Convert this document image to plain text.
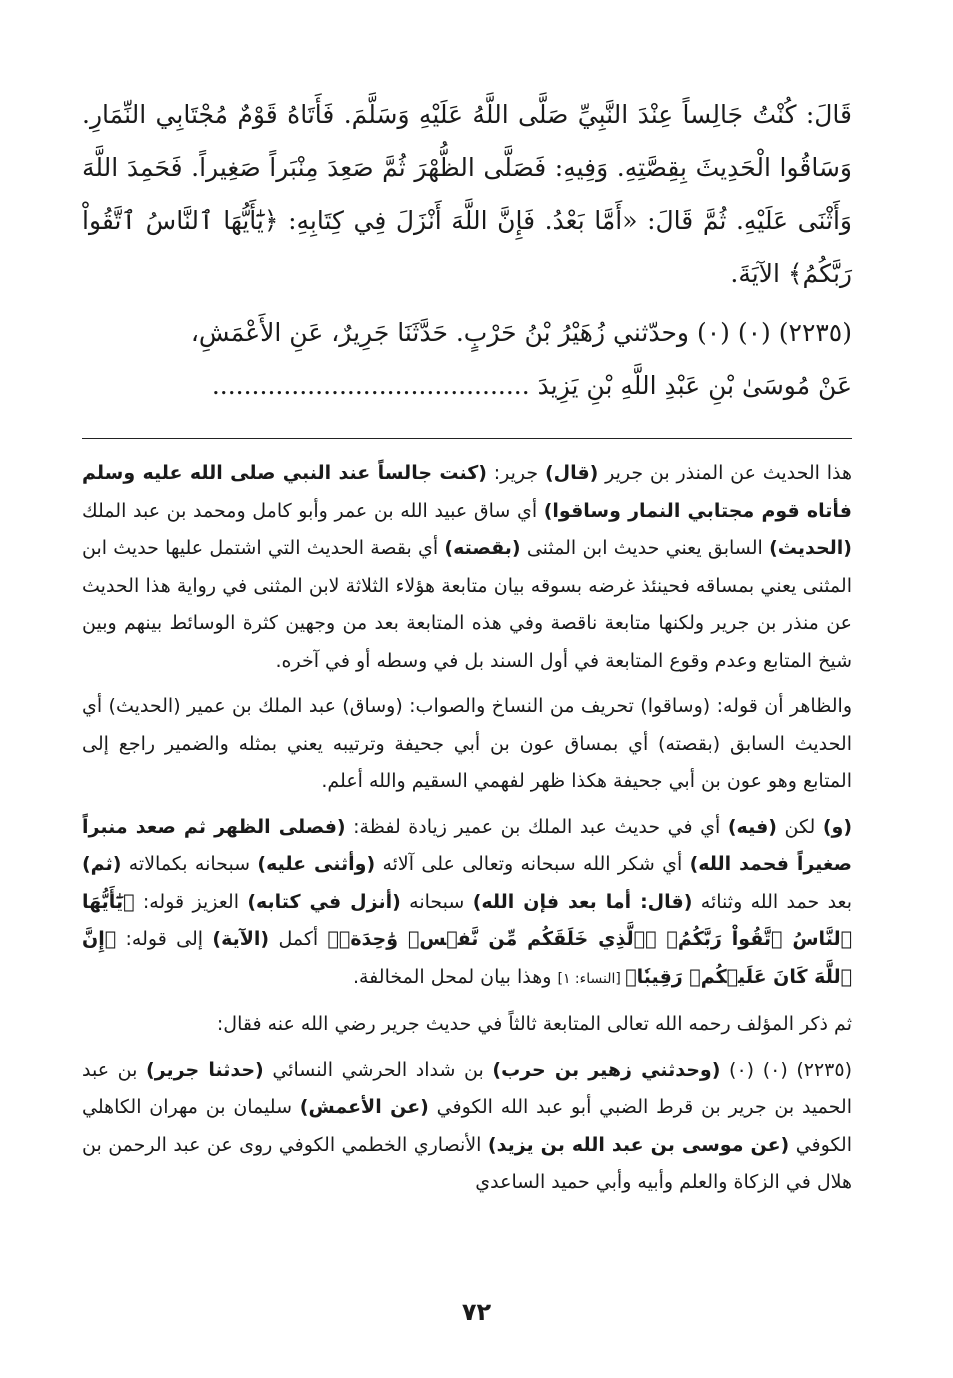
قَالَ: كُنْتُ جَالِساً عِنْدَ النَّبِيِّ صَلَّى اللَّهُ عَلَيْهِ وَسَلَّمَ. فَأَتَاهُ قَوْمٌ مُجْتَابِي النِّمَارِ. وَسَاقُوا الْحَدِيثَ بِقِصَّتِهِ. وَفِيهِ: فَصَلَّى الظُّهْرَ ثُمَّ صَعِدَ مِنْبَراً صَغِيراً. فَحَمِدَ اللَّهَ وَأَثْنَى عَلَيْهِ. ثُمَّ قَالَ: «أَمَّا بَعْدُ. فَإِنَّ اللَّهَ أَنْزَلَ فِي كِتَابِهِ: ﴿يَٰٓأَيُّهَا ٱلنَّاسُ ٱتَّقُواْ رَبَّكُمُ﴾ الآيَةَ.

(٢٢٣٥) (٠) (٠) وحدّثني زُهَيْرُ بْنُ حَرْبٍ. حَدَّثَنَا جَرِيرٌ، عَنِ الأَعْمَشِ،
عَنْ مُوسَىٰ بْنِ عَبْدِ اللَّهِ بْنِ يَزِيدَ ........................................

هذا الحديث عن المنذر بن جرير (قال) جرير: (كنت جالساً عند النبي صلى الله عليه وسلم فأتاه قوم مجتابي النمار وساقوا) أي ساق عبيد الله بن عمر وأبو كامل ومحمد بن عبد الملك (الحديث) السابق يعني حديث ابن المثنى (بقصته) أي بقصة الحديث التي اشتمل عليها حديث ابن المثنى يعني بمساقه فحينئذ غرضه بسوقه بيان متابعة هؤلاء الثلاثة لابن المثنى في رواية هذا الحديث عن منذر بن جرير ولكنها متابعة ناقصة وفي هذه المتابعة بعد من وجهين كثرة الوسائط بينهم وبين شيخ المتابع وعدم وقوع المتابعة في أول السند بل في وسطه أو في آخره.

والظاهر أن قوله: (وساقوا) تحريف من النساخ والصواب: (وساق) عبد الملك بن عمير (الحديث) أي الحديث السابق (بقصته) أي بمساق عون بن أبي جحيفة وترتيبه يعني بمثله والضمير راجع إلى المتابع وهو عون بن أبي جحيفة هكذا ظهر لفهمي السقيم والله أعلم.

(و) لكن (فيه) أي في حديث عبد الملك بن عمير زيادة لفظة: (فصلى الظهر ثم صعد منبراً صغيراً فحمد الله) أي شكر الله سبحانه وتعالى على آلائه (وأثنى عليه) سبحانه بكمالاته (ثم) بعد حمد الله وثنائه (قال: أما بعد فإن الله) سبحانه (أنزل في كتابه) العزيز قوله: ﴿يَٰٓأَيُّهَا ٱلنَّاسُ ٱتَّقُواْ رَبَّكُمُ﴾ ﴿ٱلَّذِي خَلَقَكُم مِّن نَّفۡسٖ وَٰحِدَةٖ﴾ أكمل (الآية) إلى قوله: ﴿إِنَّ ٱللَّهَ كَانَ عَلَيۡكُمۡ رَقِيبٗا﴾ [النساء: ١] وهذا بيان لمحل المخالفة.

ثم ذكر المؤلف رحمه الله تعالى المتابعة ثالثاً في حديث جرير رضي الله عنه فقال:

(٢٢٣٥) (٠) (٠) (وحدثني زهير بن حرب) بن شداد الحرشي النسائي (حدثنا جرير) بن عبد الحميد بن جرير بن قرط الضبي أبو عبد الله الكوفي (عن الأعمش) سليمان بن مهران الكاهلي الكوفي (عن موسى بن عبد الله بن يزيد) الأنصاري الخطمي الكوفي روى عن عبد الرحمن بن هلال في الزكاة والعلم وأبيه وأبي حميد الساعدي

٧٢
